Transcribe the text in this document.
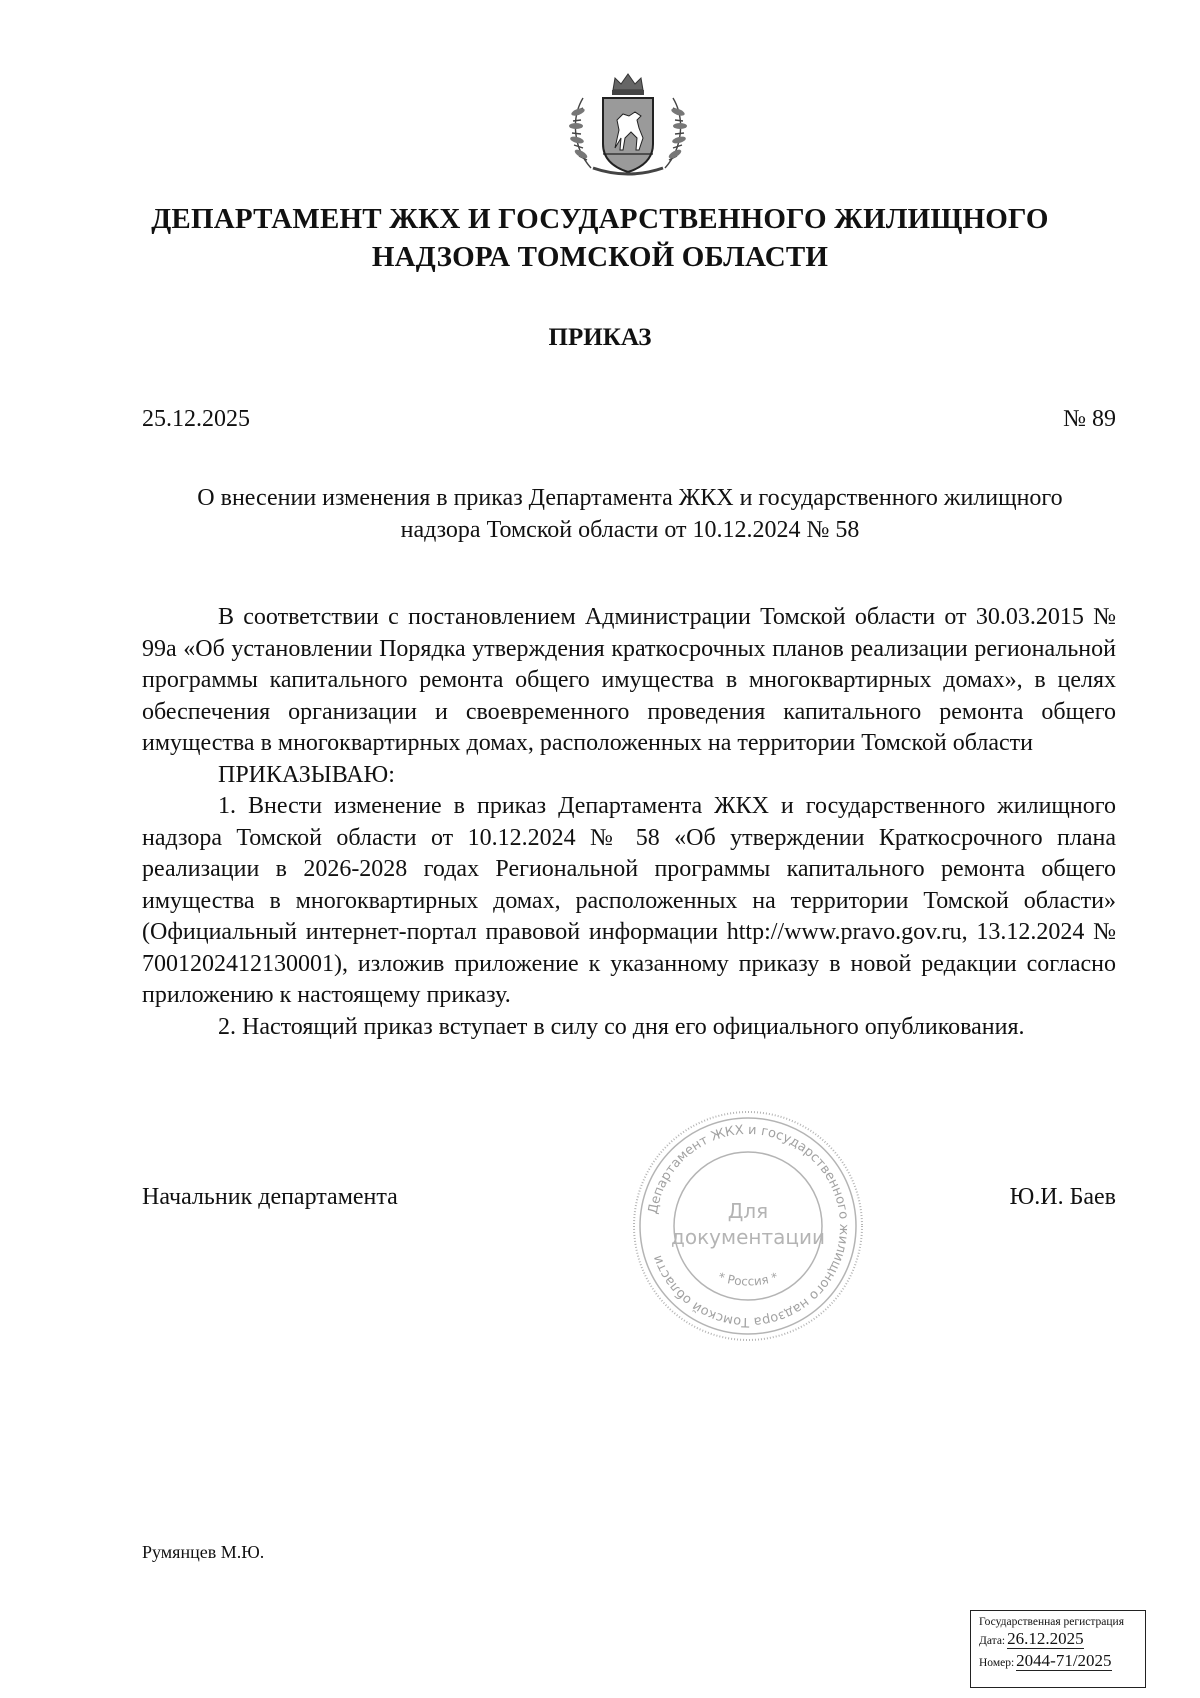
ДЕПАРТАМЕНТ ЖКХ И ГОСУДАРСТВЕННОГО ЖИЛИЩНОГО
НАДЗОРА ТОМСКОЙ ОБЛАСТИ
ПРИКАЗ
25.12.2025	№ 89
О внесении изменения в приказ Департамента ЖКХ и государственного жилищного
надзора Томской области от 10.12.2024 № 58

В соответствии с постановлением Администрации Томской области от 30.03.2015 № 99а «Об установлении Порядка утверждения краткосрочных планов реализации региональной программы капитального ремонта общего имущества в многоквартирных домах», в целях обеспечения организации и своевременного проведения капитального ремонта общего имущества в многоквартирных домах, расположенных на территории Томской области

ПРИКАЗЫВАЮ:

1. Внести изменение в приказ Департамента ЖКХ и государственного жилищного надзора Томской области от 10.12.2024 № 58 «Об утверждении Краткосрочного плана реализации в 2026-2028 годах Региональной программы капитального ремонта общего имущества в многоквартирных домах, расположенных на территории Томской области» (Официальный интернет-портал правовой информации http://www.pravo.gov.ru, 13.12.2024 № 7001202412130001), изложив приложение к указанному приказу в новой редакции согласно приложению к настоящему приказу.

2. Настоящий приказ вступает в силу со дня его официального опубликования.

Начальник департамента	Ю.И. Баев
Департамент ЖКХ и государственного жилищного надзора Томской области
* Россия *
Для
документации
Румянцев М.Ю.
Государственная регистрация
Дата: 26.12.2025
Номер: 2044-71/2025
